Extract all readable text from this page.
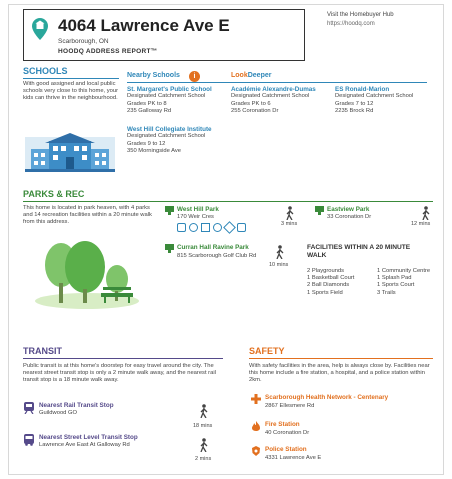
4064 Lawrence Ave E
Scarborough, ON
HOODQ ADDRESS REPORT™
Visit the Homebuyer Hub
https://hoodq.com
SCHOOLS
With good assigned and local public schools very close to this home, your kids can thrive in the neighbourhood.
Nearby Schools	i	LookDeeper
St. Margaret's Public School
Designated Catchment School
Grades PK to 8
235 Galloway Rd
West Hill Collegiate Institute
Designated Catchment School
Grades 9 to 12
350 Morningside Ave
Académie Alexandre-Dumas
Designated Catchment School
Grades PK to 6
255 Coronation Dr
ES Ronald-Marion
Designated Catchment School
Grades 7 to 12
2235 Brock Rd
PARKS & REC
This home is located in park heaven, with 4 parks and 14 recreation facilities within a 20 minute walk from this address.
West Hill Park
170 Weir Cres
3 mins
Eastview Park
33 Coronation Dr
12 mins
Curran Hall Ravine Park
815 Scarborough Golf Club Rd
10 mins
FACILITIES WITHIN A 20 MINUTE WALK
2 Playgrounds
1 Basketball Court
2 Ball Diamonds
1 Sports Field
1 Community Centre
1 Splash Pad
1 Sports Court
3 Trails
TRANSIT
Public transit is at this home's doorstep for easy travel around the city. The nearest street transit stop is only a 2 minute walk away, and the nearest rail transit stop is a 18 minute walk away.
Nearest Rail Transit Stop
Guildwood GO
18 mins
Nearest Street Level Transit Stop
Lawrence Ave East At Galloway Rd
2 mins
SAFETY
With safety facilities in the area, help is always close by. Facilities near this home include a fire station, a hospital, and a police station within 2km.
Scarborough Health Network - Centenary
2867 Ellesmere Rd
Fire Station
40 Coronation Dr
Police Station
4331 Lawrence Ave E
